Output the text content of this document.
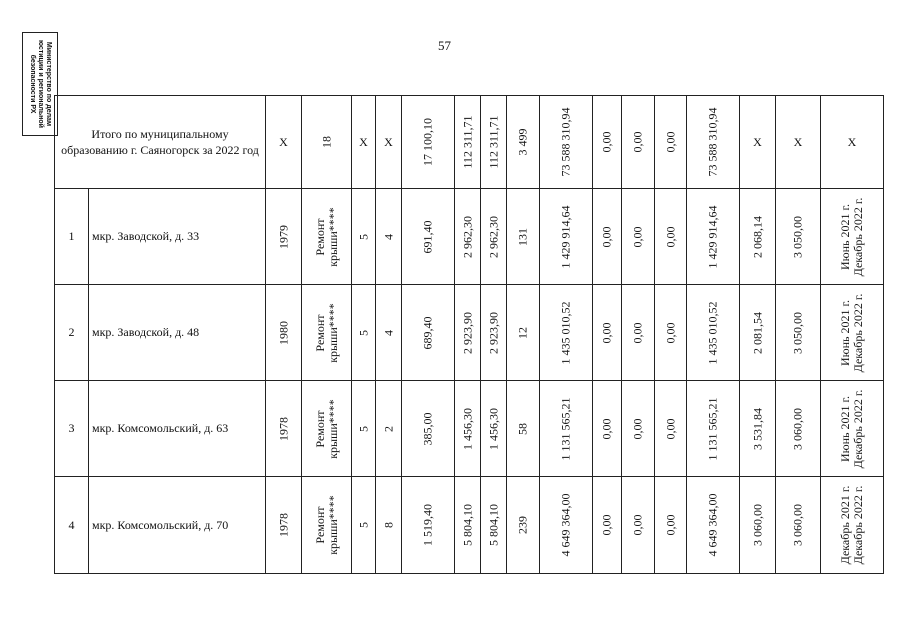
57
Министерство по делам юстиции и региональной безопасности РХ
Итого по муниципальному образованию г. Саяногорск за 2022 год		X	18	X	X	17 100,10	112 311,71	112 311,71	3 499	73 588 310,94	0,00	0,00	0,00	73 588 310,94	X	X	X
1	мкр. Заводской, д. 33	1979	Ремонт крыши****	5	4	691,40	2 962,30	2 962,30	131	1 429 914,64	0,00	0,00	0,00	1 429 914,64	2 068,14	3 050,00	Июнь 2021 г.
Декабрь 2022 г.

2	мкр. Заводской, д. 48	1980	Ремонт крыши****	5	4	689,40	2 923,90	2 923,90	12	1 435 010,52	0,00	0,00	0,00	1 435 010,52	2 081,54	3 050,00	Июнь 2021 г.
Декабрь 2022 г.

3	мкр. Комсомольский, д. 63	1978	Ремонт крыши****	5	2	385,00	1 456,30	1 456,30	58	1 131 565,21	0,00	0,00	0,00	1 131 565,21	3 531,84	3 060,00	Июнь 2021 г.
Декабрь 2022 г.

4	мкр. Комсомольский, д. 70	1978	Ремонт крыши****	5	8	1 519,40	5 804,10	5 804,10	239	4 649 364,00	0,00	0,00	0,00	4 649 364,00	3 060,00	3 060,00	Декабрь 2021 г.
Декабрь 2022 г.
